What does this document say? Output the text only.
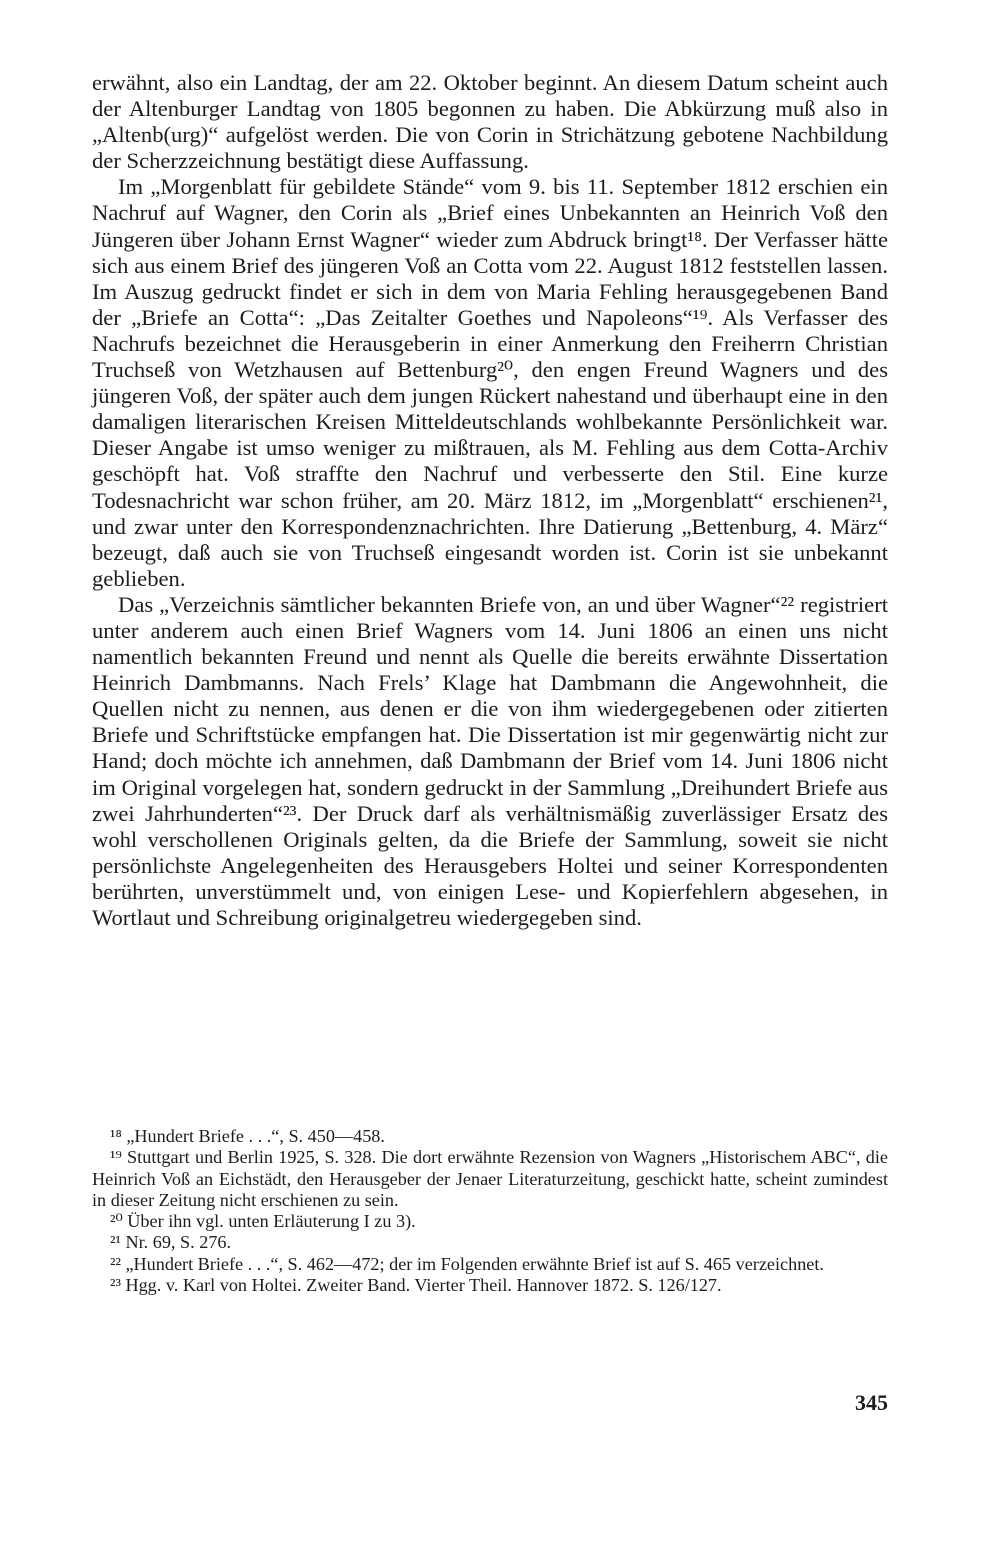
erwähnt, also ein Landtag, der am 22. Oktober beginnt. An diesem Datum scheint auch der Altenburger Landtag von 1805 begonnen zu haben. Die Abkürzung muß also in „Altenb(urg)“ aufgelöst werden. Die von Corin in Strichätzung gebotene Nachbildung der Scherzzeichnung bestätigt diese Auffassung.

Im „Morgenblatt für gebildete Stände“ vom 9. bis 11. September 1812 erschien ein Nachruf auf Wagner, den Corin als „Brief eines Unbekannten an Heinrich Voß den Jüngeren über Johann Ernst Wagner“ wieder zum Abdruck bringt¹⁸. Der Verfasser hätte sich aus einem Brief des jüngeren Voß an Cotta vom 22. August 1812 feststellen lassen. Im Auszug gedruckt findet er sich in dem von Maria Fehling herausgegebenen Band der „Briefe an Cotta“: „Das Zeitalter Goethes und Napoleons“¹⁹. Als Verfasser des Nachrufs bezeichnet die Herausgeberin in einer Anmerkung den Freiherrn Christian Truchseß von Wetzhausen auf Bettenburg²⁰, den engen Freund Wagners und des jüngeren Voß, der später auch dem jungen Rückert nahestand und überhaupt eine in den damaligen literarischen Kreisen Mitteldeutschlands wohlbekannte Persönlichkeit war. Dieser Angabe ist umso weniger zu mißtrauen, als M. Fehling aus dem Cotta-Archiv geschöpft hat. Voß straffte den Nachruf und verbesserte den Stil. Eine kurze Todesnachricht war schon früher, am 20. März 1812, im „Morgenblatt“ erschienen²¹, und zwar unter den Korrespondenznachrichten. Ihre Datierung „Bettenburg, 4. März“ bezeugt, daß auch sie von Truchseß eingesandt worden ist. Corin ist sie unbekannt geblieben.

Das „Verzeichnis sämtlicher bekannten Briefe von, an und über Wagner“²² registriert unter anderem auch einen Brief Wagners vom 14. Juni 1806 an einen uns nicht namentlich bekannten Freund und nennt als Quelle die bereits erwähnte Dissertation Heinrich Dambmanns. Nach Frels’ Klage hat Dambmann die Angewohnheit, die Quellen nicht zu nennen, aus denen er die von ihm wiedergegebenen oder zitierten Briefe und Schriftstücke empfangen hat. Die Dissertation ist mir gegenwärtig nicht zur Hand; doch möchte ich annehmen, daß Dambmann der Brief vom 14. Juni 1806 nicht im Original vorgelegen hat, sondern gedruckt in der Sammlung „Dreihundert Briefe aus zwei Jahrhunderten“²³. Der Druck darf als verhältnismäßig zuverlässiger Ersatz des wohl verschollenen Originals gelten, da die Briefe der Sammlung, soweit sie nicht persönlichste Angelegenheiten des Herausgebers Holtei und seiner Korrespondenten berührten, unverstümmelt und, von einigen Lese- und Kopierfehlern abgesehen, in Wortlaut und Schreibung originalgetreu wiedergegeben sind.

¹⁸ „Hundert Briefe . . .“, S. 450—458.

¹⁹ Stuttgart und Berlin 1925, S. 328. Die dort erwähnte Rezension von Wagners „Historischem ABC“, die Heinrich Voß an Eichstädt, den Herausgeber der Jenaer Literaturzeitung, geschickt hatte, scheint zumindest in dieser Zeitung nicht erschienen zu sein.

²⁰ Über ihn vgl. unten Erläuterung I zu 3).

²¹ Nr. 69, S. 276.

²² „Hundert Briefe . . .“, S. 462—472; der im Folgenden erwähnte Brief ist auf S. 465 verzeichnet.

²³ Hgg. v. Karl von Holtei. Zweiter Band. Vierter Theil. Hannover 1872. S. 126/127.

345
